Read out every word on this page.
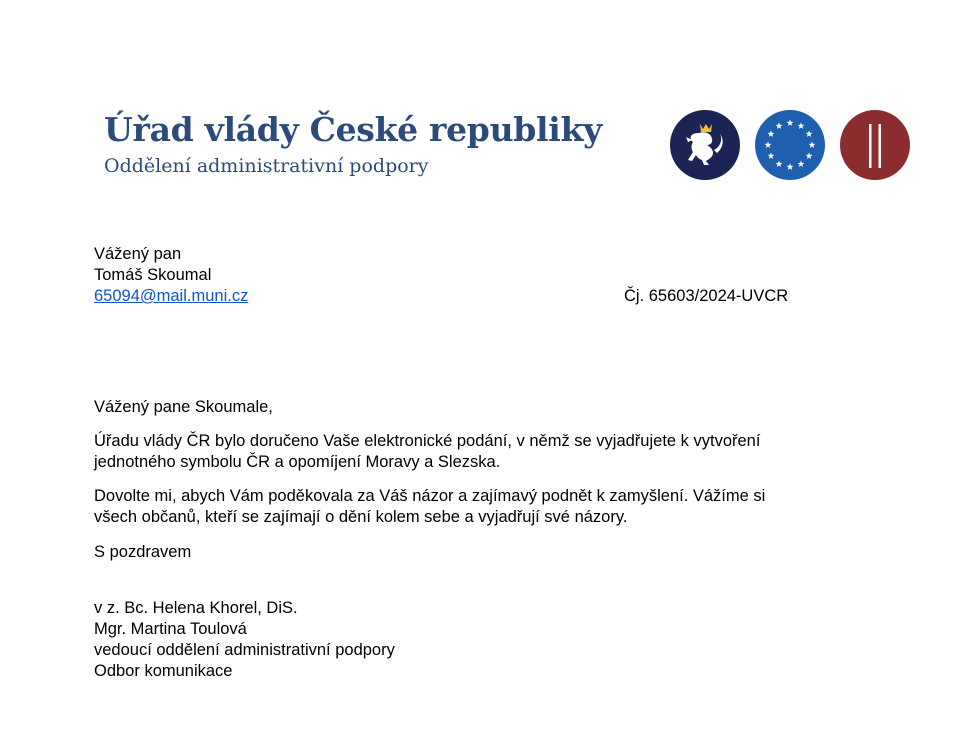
Úřad vlády České republiky
Oddělení administrativní podpory
Vážený pan
Tomáš Skoumal
65094@mail.muni.cz	Čj. 65603/2024-UVCR
Vážený pane Skoumale,
Úřadu vlády ČR bylo doručeno Vaše elektronické podání, v němž se vyjadřujete k vytvoření
jednotného symbolu ČR a opomíjení Moravy a Slezska.
Dovolte mi, abych Vám poděkovala za Váš názor a zajímavý podnět k zamyšlení. Vážíme si
všech občanů, kteří se zajímají o dění kolem sebe a vyjadřují své názory.
S pozdravem
v z. Bc. Helena Khorel, DiS.
Mgr. Martina Toulová
vedoucí oddělení administrativní podpory
Odbor komunikace
